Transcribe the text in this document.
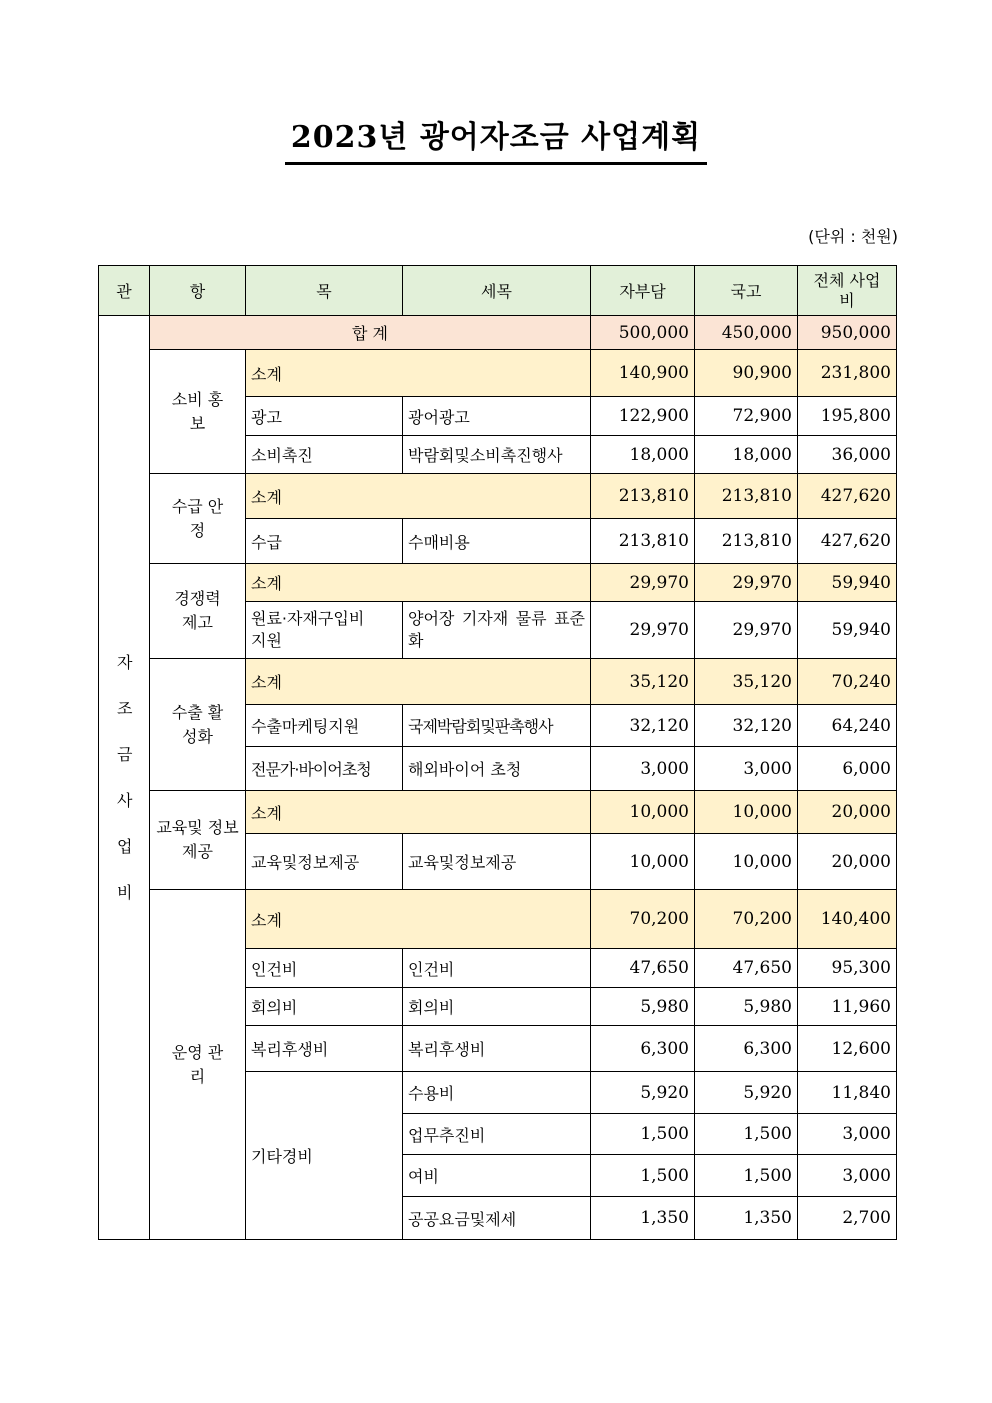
2023년 광어자조금 사업계획
(단위 : 천원)
관	항	목	세목	자부담	국고	전체 사업비
자조금사업비	합 계			500,000	450,000	950,000
	소비 홍보	소계		140,900	90,900	231,800
		광고	광어광고	122,900	72,900	195,800
		소비촉진	박람회및소비촉진행사	18,000	18,000	36,000
	수급 안정	소계		213,810	213,810	427,620
		수급	수매비용	213,810	213,810	427,620
	경쟁력 제고	소계		29,970	29,970	59,940
		원료·자재구입비 지원	양어장 기자재 물류 표준화	29,970	29,970	59,940
	수출 활성화	소계		35,120	35,120	70,240
		수출마케팅지원	국제박람회및판촉행사	32,120	32,120	64,240
		전문가·바이어초청	해외바이어 초청	3,000	3,000	6,000
	교육및 정보제공	소계		10,000	10,000	20,000
		교육및정보제공	교육및정보제공	10,000	10,000	20,000
	운영 관리	소계		70,200	70,200	140,400
		인건비	인건비	47,650	47,650	95,300
		회의비	회의비	5,980	5,980	11,960
		복리후생비	복리후생비	6,300	6,300	12,600
		기타경비	수용비	5,920	5,920	11,840
			업무추진비	1,500	1,500	3,000
			여비	1,500	1,500	3,000
			공공요금및제세	1,350	1,350	2,700
